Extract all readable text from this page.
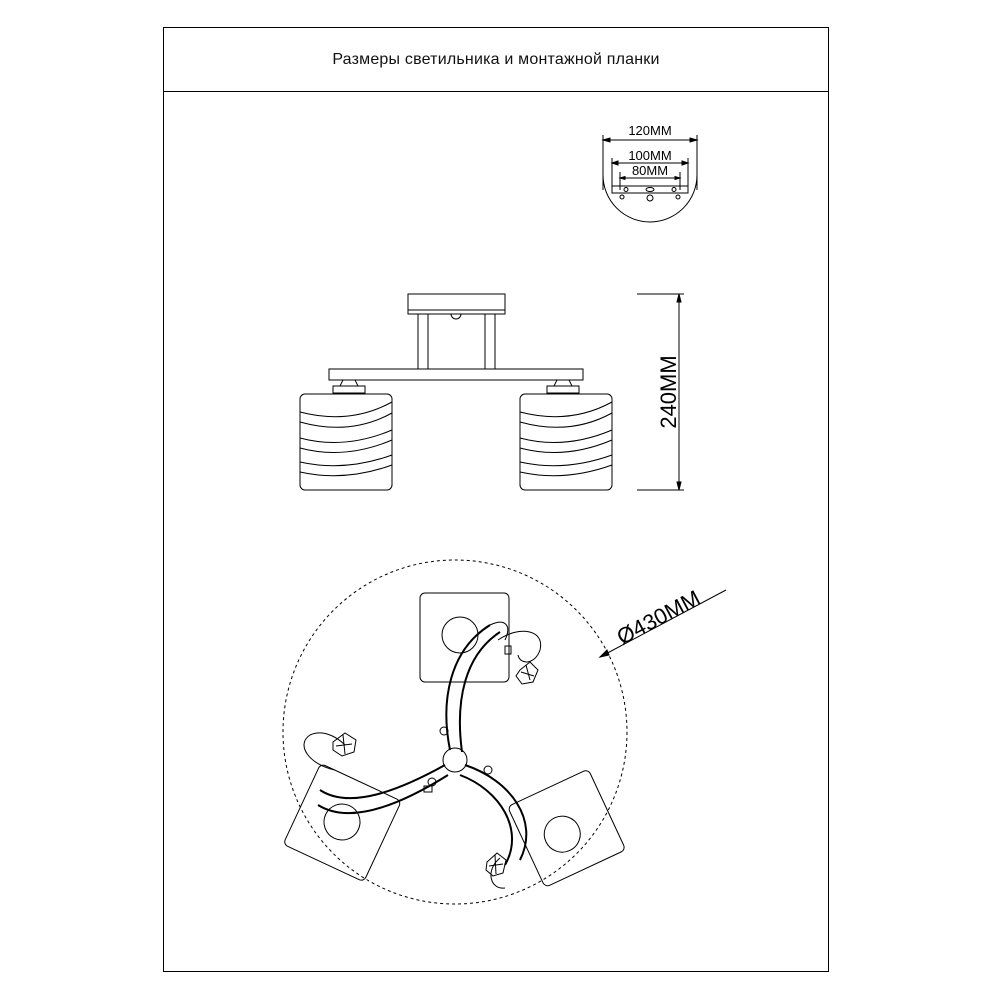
Размеры светильника и монтажной планки
120MM
100MM
80MM
240MM
Ø430MM
